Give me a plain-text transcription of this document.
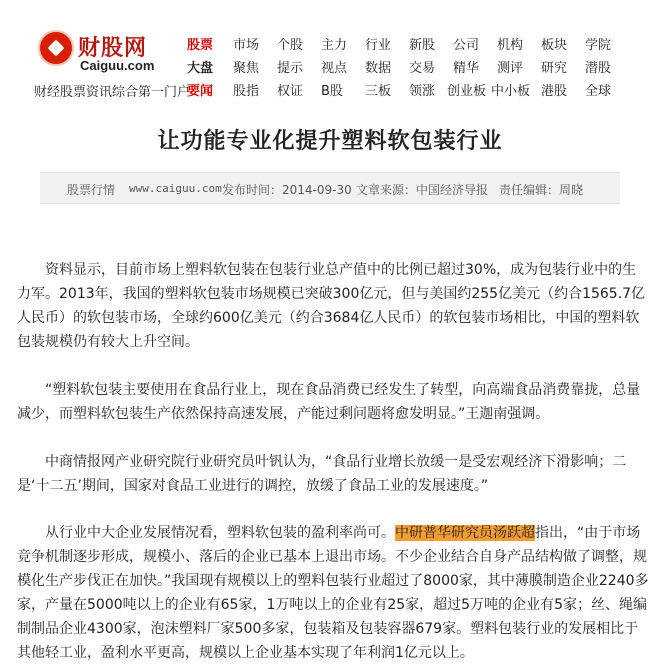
财股网
Caiguu.com
财经股票资讯综合第一门户
股票 市场 个股 主力 行业 新股 公司 机构 板块 学院
大盘 聚焦 提示 视点 数据 交易 精华 测评 研究 潜股
要闻 股指 权证 B股 三板 领涨 创业板 中小板 港股 全球
让功能专业化提升塑料软包装行业
股票行情 www.caiguu.com 发布时间：2014-09-30 文章来源：中国经济导报 责任编辑：周晓

资料显示，目前市场上塑料软包装在包装行业总产值中的比例已超过30%，成为包装行业中的生力军。2013年，我国的塑料软包装市场规模已突破300亿元，但与美国约255亿美元（约合1565.7亿人民币）的软包装市场，全球约600亿美元（约合3684亿人民币）的软包装市场相比，中国的塑料软包装规模仍有较大上升空间。

“塑料软包装主要使用在食品行业上，现在食品消费已经发生了转型，向高端食品消费靠拢，总量减少，而塑料软包装生产依然保持高速发展，产能过剩问题将愈发明显。”王迦南强调。

中商情报网产业研究院行业研究员叶钒认为，“食品行业增长放缓一是受宏观经济下滑影响；二是‘十二五’期间，国家对食品工业进行的调控，放缓了食品工业的发展速度。”

从行业中大企业发展情况看，塑料软包装的盈利率尚可。中研普华研究员汤跃超指出，“由于市场竞争机制逐步形成，规模小、落后的企业已基本上退出市场。不少企业结合自身产品结构做了调整，规模化生产步伐正在加快。”我国现有规模以上的塑料包装行业超过了8000家，其中薄膜制造企业2240多家，产量在5000吨以上的企业有65家，1万吨以上的企业有25家，超过5万吨的企业有5家；丝、绳编制制品企业4300家，泡沫塑料厂家500多家，包装箱及包装容器679家。塑料包装行业的发展相比于其他轻工业，盈利水平更高，规模以上企业基本实现了年利润1亿元以上。
